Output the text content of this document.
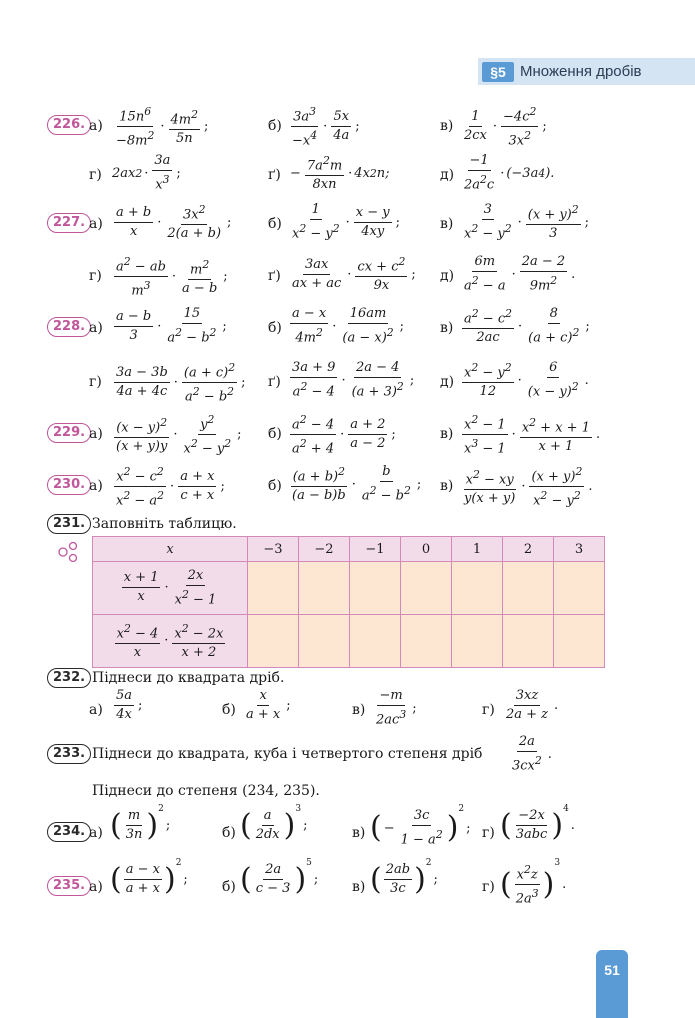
§5 Множення дробів
226. $а) \frac{15n^6}{-8m^2} \cdot \frac{4m^2}{5n}$ ;	$б) \frac{3a^3}{-x^4} \cdot \frac{5x}{4a}$ ;	$в) \frac{1}{2cx} \cdot \frac{-4c^2}{3x^2}$ ;
г) 2ax $2 \cdot \frac{3a}{x^3}$ ;	$ґ) - \frac{7a^2m}{8xn} \cdot 4x$ 2 n;	$д) \frac{-1}{2a^2c} \cdot (-3a$ 4 ).
227. $а) \frac{a + b}{x} \cdot \frac{3x^2}{2(a + b)}$ ;	$б) \frac{1}{x^2 - y^2} \cdot \frac{x - y}{4xy}$ ;	$в) \frac{3}{x^2 - y^2} \cdot \frac{(x + y)^2}{3}$ ;
$г) \frac{a^2 - ab}{m^3} \cdot \frac{m^2}{a - b}$ ;	$ґ) \frac{3ax}{ax + ac} \cdot \frac{cx + c^2}{9x}$ ; $д) \frac{6m}{a^2 - a} \cdot \frac{2a - 2}{9m^2}$ .
228. $а) \frac{a - b}{3} \cdot \frac{15}{a^2 - b^2}$ ;	$б) \frac{a - x}{4m^2} \cdot \frac{16am}{(a - x)^2}$ ;	$в) \frac{a^2 - c^2}{2ac} \cdot \frac{8}{(a + c)^2}$ ;
$г) \frac{3a - 3b}{4a + 4c} \cdot \frac{(a + c)^2}{a^2 - b^2}$ ; $ґ) \frac{3a + 9}{a^2 - 4} \cdot \frac{2a - 4}{(a + 3)^2}$ ; $д) \frac{x^2 - y^2}{12} \cdot \frac{6}{(x - y)^2}$ .
229. $а) \frac{(x - y)^2}{(x + y)y} \cdot \frac{y^2}{x^2 - y^2}$ ; $б) \frac{a^2 - 4}{a^2 + 4} \cdot \frac{a + 2}{a - 2}$ ;	$в) \frac{x^2 - 1}{x^3 - 1} \cdot \frac{x^2 + x + 1}{x + 1}$ .
230. $а) \frac{x^2 - c^2}{x^2 - a^2} \cdot \frac{a + x}{c + x}$ ;	$б) \frac{(a + b)^2}{(a - b)b} \cdot \frac{b}{a^2 - b^2}$ ; $в) \frac{x^2 - xy}{y(x + y)} \cdot \frac{(x + y)^2}{x^2 - y^2}$ .
231. Заповніть таблицю.
x	−3	−2	−1	0	1	2	3

$\frac{x + 1}{x} \cdot \frac{2x}{x^2 - 1}$

$\frac{x^2 - 4}{x} \cdot \frac{x^2 - 2x}{x + 2}$

232. Піднеси до квадрата дріб.
$а) \frac{5a}{4x}$ ;	$б) \frac{x}{a + x}$ ;	$в) \frac{-m}{2ac^3}$ ;	$г) \frac{3xz}{2a + z}$ .
233. Піднеси до квадрата, куба і четвертого степеня дріб $\frac{2a}{3cx^2}$ .
Піднеси до степеня (234, 235).
234. а) ( $\frac{m}{3n}$ ) 2
;	б) ( $\frac{a}{2dx}$ ) 3
;	в) ( − $\frac{3c}{1 - a^2}$ )
2
; г) ( $\frac{-2x}{\text{3abc}}$ ) 4
.
235. а) ( $\frac{a - x}{a + x}$ ) 2
; б) ( $\frac{2a}{c - 3}$ ) 5
; в) ( $\frac{2ab}{3c}$ ) 2
;	г) ( $\frac{x^2z}{2a^3}$ )
3
.
51
